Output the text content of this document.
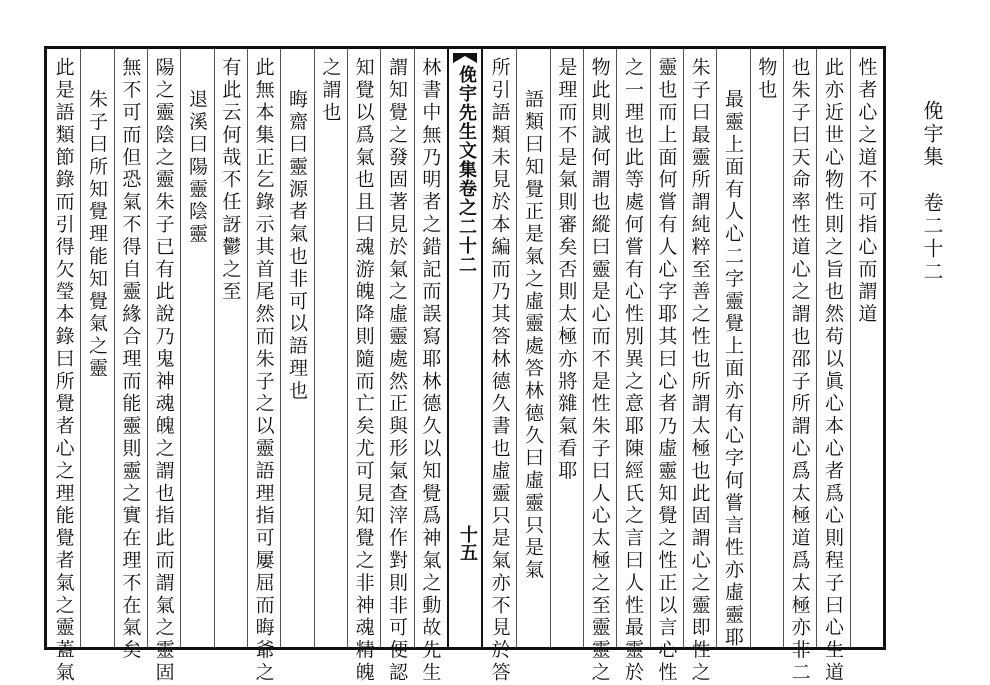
俛宇集　卷二十二
俛宇先生文集卷之二十二
十五
性者心之道不可指心而謂道
此亦近世心物性則之旨也然苟以眞心本心者爲心則程子曰心生道
也朱子曰天命率性道心之謂也邵子所謂心爲太極道爲太極亦非二
物也
最靈上面有人心二字靈覺上面亦有心字何嘗言性亦虛靈耶
朱子曰最靈所謂純粹至善之性也所謂太極也此固謂心之靈即性之
靈也而上面何嘗有人心字耶其曰心者乃虛靈知覺之性正以言心性
之一理也此等處何嘗有心性別異之意耶陳經氏之言曰人性最靈於
物此則誠何謂也縱曰靈是心而不是性朱子曰人心太極之至靈靈之
是理而不是氣則審矣否則太極亦將雜氣看耶
語類曰知覺正是氣之虛靈處答林德久曰虛靈只是氣
所引語類未見於本編而乃其答林德久書也虛靈只是氣亦不見於答
林書中無乃明者之錯記而誤寫耶林德久以知覺爲神氣之動故先生
謂知覺之發固著見於氣之虛靈處然正與形氣查滓作對則非可便認
知覺以爲氣也且曰魂游魄降則隨而亡矣尤可見知覺之非神魂精魄
之謂也
晦齋曰靈源者氣也非可以語理也
此無本集正乞錄示其首尾然而朱子之以靈語理指可屢屈而晦爺之
有此云何哉不任訝鬱之至
退溪曰陽靈陰靈
陽之靈陰之靈朱子已有此說乃鬼神魂魄之謂也指此而謂氣之靈固
無不可而但恐氣不得自靈緣合理而能靈則靈之實在理不在氣矣
朱子曰所知覺理能知覺氣之靈
此是語類節錄而引得欠瑩本錄曰所覺者心之理能覺者氣之靈蓋氣
